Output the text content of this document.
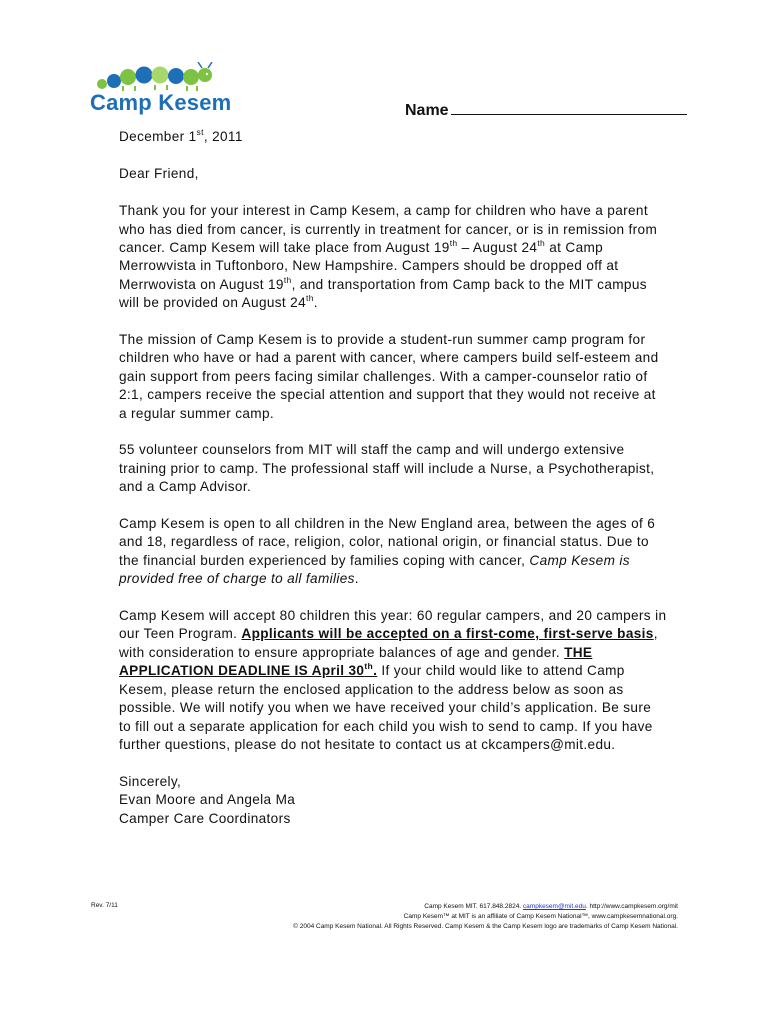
Camp Kesem	Name

December 1st, 2011

Dear Friend,

Thank you for your interest in Camp Kesem, a camp for children who have a parent who has died from cancer, is currently in treatment for cancer, or is in remission from cancer. Camp Kesem will take place from August 19th – August 24th at Camp Merrowvista in Tuftonboro, New Hampshire. Campers should be dropped off at Merrwovista on August 19th, and transportation from Camp back to the MIT campus will be provided on August 24th.

The mission of Camp Kesem is to provide a student-run summer camp program for children who have or had a parent with cancer, where campers build self-esteem and gain support from peers facing similar challenges. With a camper-counselor ratio of 2:1, campers receive the special attention and support that they would not receive at a regular summer camp.

55 volunteer counselors from MIT will staff the camp and will undergo extensive training prior to camp. The professional staff will include a Nurse, a Psychotherapist, and a Camp Advisor.

Camp Kesem is open to all children in the New England area, between the ages of 6 and 18, regardless of race, religion, color, national origin, or financial status. Due to the financial burden experienced by families coping with cancer, Camp Kesem is provided free of charge to all families.

Camp Kesem will accept 80 children this year: 60 regular campers, and 20 campers in our Teen Program. Applicants will be accepted on a first-come, first-serve basis, with consideration to ensure appropriate balances of age and gender. THE APPLICATION DEADLINE IS April 30th. If your child would like to attend Camp Kesem, please return the enclosed application to the address below as soon as possible. We will notify you when we have received your child’s application. Be sure to fill out a separate application for each child you wish to send to camp. If you have further questions, please do not hesitate to contact us at ckcampers@mit.edu.

Sincerely,

Evan Moore and Angela Ma

Camper Care Coordinators

Rev. 7/11	Camp Kesem MIT. 617.848.2824. campkesem@mit.edu. http://www.campkesem.org/mit
Camp Kesem™ at MIT is an affiliate of Camp Kesem National™, www.campkesemnational.org.
© 2004 Camp Kesem National. All Rights Reserved. Camp Kesem & the Camp Kesem logo are trademarks of Camp Kesem National.
